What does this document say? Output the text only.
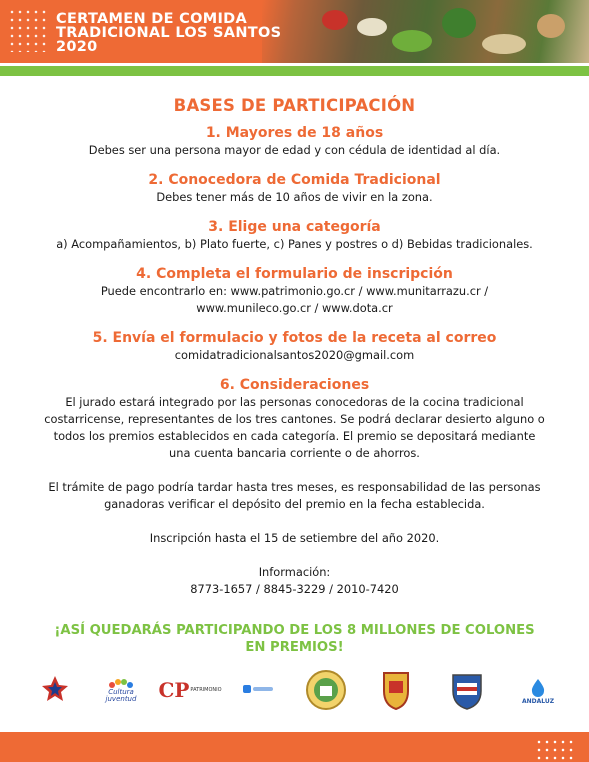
CERTAMEN DE COMIDA
TRADICIONAL LOS SANTOS
2020
BASES DE PARTICIPACIÓN
1. Mayores de 18 años
Debes ser una persona mayor de edad y con cédula de identidad al día.
2. Conocedora de Comida Tradicional
Debes tener más de 10 años de vivir en la zona.
3. Elige una categoría
a) Acompañamientos, b) Plato fuerte, c) Panes y postres o d) Bebidas tradicionales.
4. Completa el formulario de inscripción
Puede encontrarlo en: www.patrimonio.go.cr / www.munitarrazu.cr /
www.munileco.go.cr / www.dota.cr
5. Envía el formulacio y fotos de la receta al correo
comidatradicionalsantos2020@gmail.com
6. Consideraciones
El jurado estará integrado por las personas conocedoras de la cocina tradicional
costarricense, representantes de los tres cantones. Se podrá declarar desierto alguno o
todos los premios establecidos en cada categoría. El premio se depositará mediante
una cuenta bancaria corriente o de ahorros.
El trámite de pago podría tardar hasta tres meses, es responsabilidad de las personas
ganadoras verificar el depósito del premio en la fecha establecida.
Inscripción hasta el 15 de setiembre del año 2020.
Información:
8773-1657 / 8845-3229 / 2010-7420
¡ASÍ QUEDARÁS PARTICIPANDO DE LOS 8 MILLONES DE COLONES
EN PREMIOS!
Cultura
juventud CP PATRIMONIO
ANDALUZ
